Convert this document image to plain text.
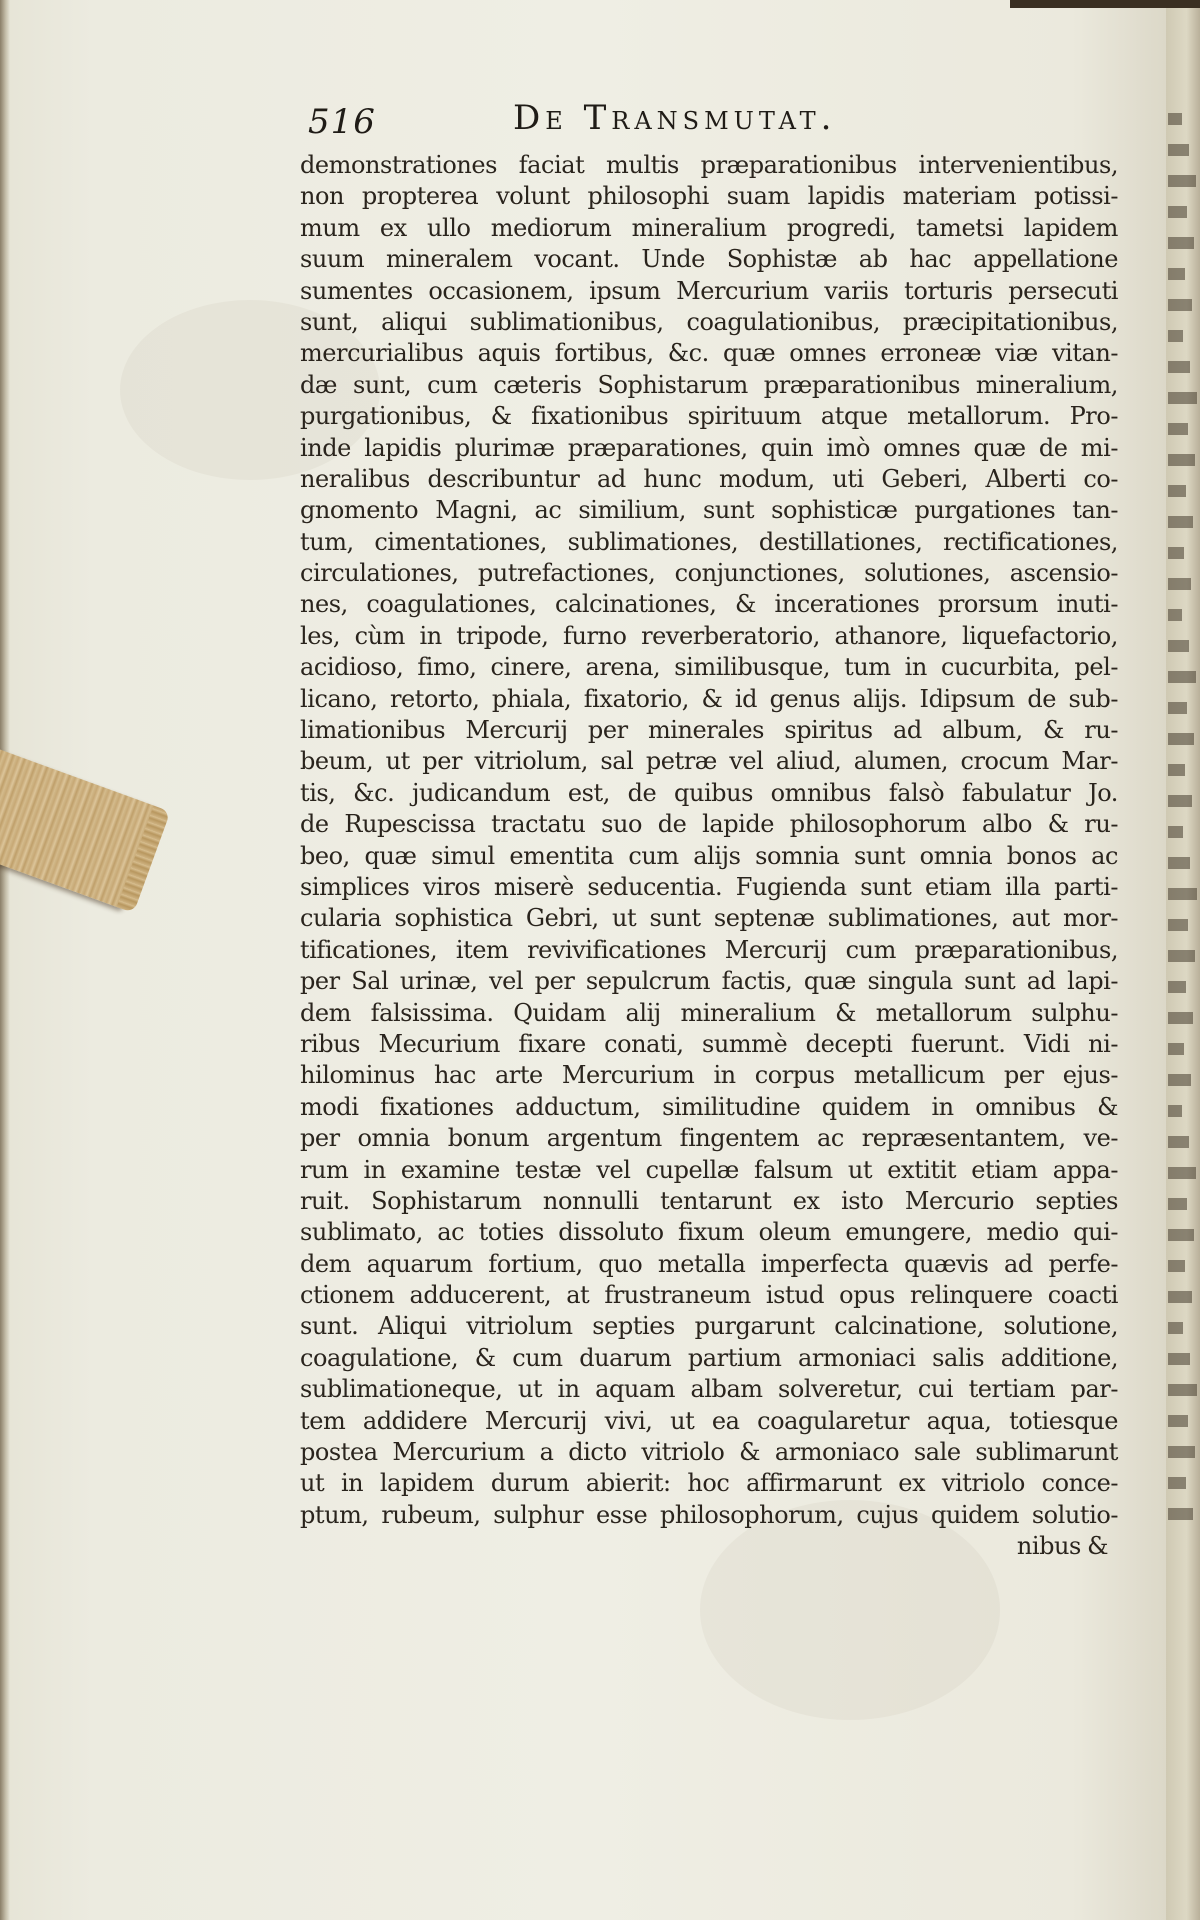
516	De Transmutat.
demonstrationes faciat multis præparationibus intervenientibus,
non propterea volunt philosophi suam lapidis materiam potissi-
mum ex ullo mediorum mineralium progredi, tametsi lapidem
suum mineralem vocant. Unde Sophistæ ab hac appellatione
sumentes occasionem, ipsum Mercurium variis torturis persecuti
sunt, aliqui sublimationibus, coagulationibus, præcipitationibus,
mercurialibus aquis fortibus, &c. quæ omnes erroneæ viæ vitan-
dæ sunt, cum cæteris Sophistarum præparationibus mineralium,
purgationibus, & fixationibus spirituum atque metallorum. Pro-
inde lapidis plurimæ præparationes, quin imò omnes quæ de mi-
neralibus describuntur ad hunc modum, uti Geberi, Alberti co-
gnomento Magni, ac similium, sunt sophisticæ purgationes tan-
tum, cimentationes, sublimationes, destillationes, rectificationes,
circulationes, putrefactiones, conjunctiones, solutiones, ascensio-
nes, coagulationes, calcinationes, & incerationes prorsum inuti-
les, cùm in tripode, furno reverberatorio, athanore, liquefactorio,
acidioso, fimo, cinere, arena, similibusque, tum in cucurbita, pel-
licano, retorto, phiala, fixatorio, & id genus alijs. Idipsum de sub-
limationibus Mercurij per minerales spiritus ad album, & ru-
beum, ut per vitriolum, sal petræ vel aliud, alumen, crocum Mar-
tis, &c. judicandum est, de quibus omnibus falsò fabulatur Jo.
de Rupescissa tractatu suo de lapide philosophorum albo & ru-
beo, quæ simul ementita cum alijs somnia sunt omnia bonos ac
simplices viros miserè seducentia. Fugienda sunt etiam illa parti-
cularia sophistica Gebri, ut sunt septenæ sublimationes, aut mor-
tificationes, item revivificationes Mercurij cum præparationibus,
per Sal urinæ, vel per sepulcrum factis, quæ singula sunt ad lapi-
dem falsissima. Quidam alij mineralium & metallorum sulphu-
ribus Mecurium fixare conati, summè decepti fuerunt. Vidi ni-
hilominus hac arte Mercurium in corpus metallicum per ejus-
modi fixationes adductum, similitudine quidem in omnibus &
per omnia bonum argentum fingentem ac repræsentantem, ve-
rum in examine testæ vel cupellæ falsum ut extitit etiam appa-
ruit. Sophistarum nonnulli tentarunt ex isto Mercurio septies
sublimato, ac toties dissoluto fixum oleum emungere, medio qui-
dem aquarum fortium, quo metalla imperfecta quævis ad perfe-
ctionem adducerent, at frustraneum istud opus relinquere coacti
sunt. Aliqui vitriolum septies purgarunt calcinatione, solutione,
coagulatione, & cum duarum partium armoniaci salis additione,
sublimationeque, ut in aquam albam solveretur, cui tertiam par-
tem addidere Mercurij vivi, ut ea coagularetur aqua, totiesque
postea Mercurium a dicto vitriolo & armoniaco sale sublimarunt
ut in lapidem durum abierit: hoc affirmarunt ex vitriolo conce-
ptum, rubeum, sulphur esse philosophorum, cujus quidem solutio-
nibus &
